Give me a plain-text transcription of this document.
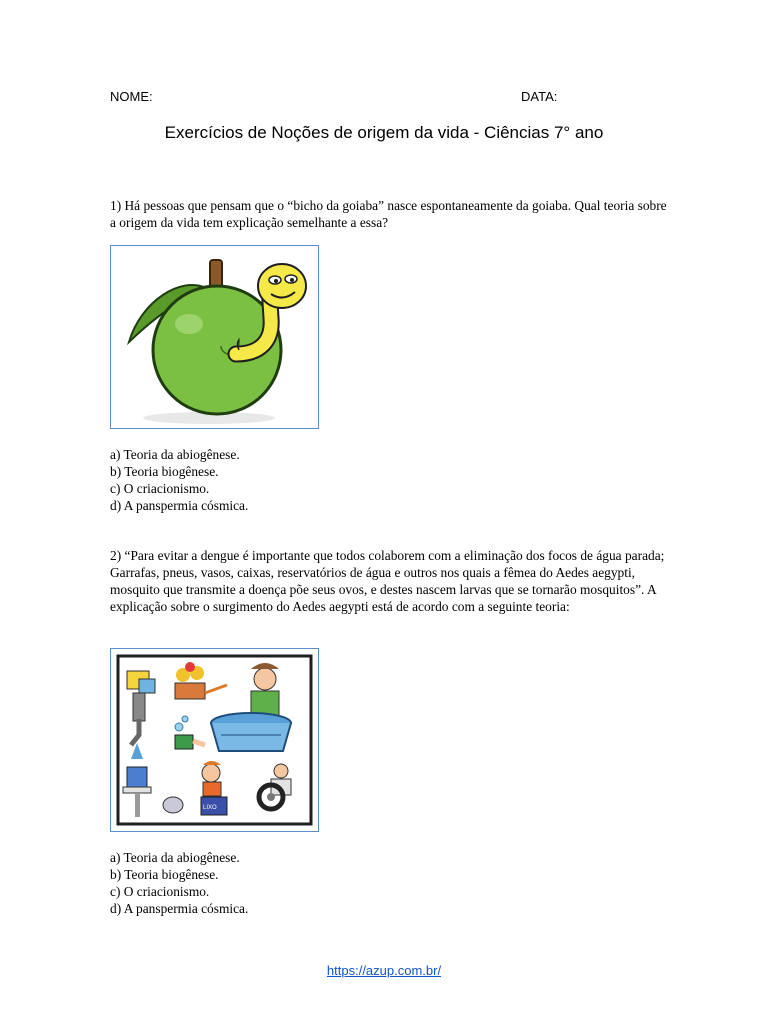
NOME:	DATA:
Exercícios de Noções de origem da vida - Ciências 7° ano
1) Há pessoas que pensam que o “bicho da goiaba” nasce espontaneamente da goiaba. Qual teoria sobre a origem da vida tem explicação semelhante a essa?
a) Teoria da abiogênese.
b) Teoria biogênese.
c) O criacionismo.
d) A panspermia cósmica.
2) “Para evitar a dengue é importante que todos colaborem com a eliminação dos focos de água parada; Garrafas, pneus, vasos, caixas, reservatórios de água e outros nos quais a fêmea do Aedes aegypti, mosquito que transmite a doença põe seus ovos, e destes nascem larvas que se tornarão mosquitos”. A explicação sobre o surgimento do Aedes aegypti está de acordo com a seguinte teoria:
LIXO
a) Teoria da abiogênese.
b) Teoria biogênese.
c) O criacionismo.
d) A panspermia cósmica.
https://azup.com.br/
